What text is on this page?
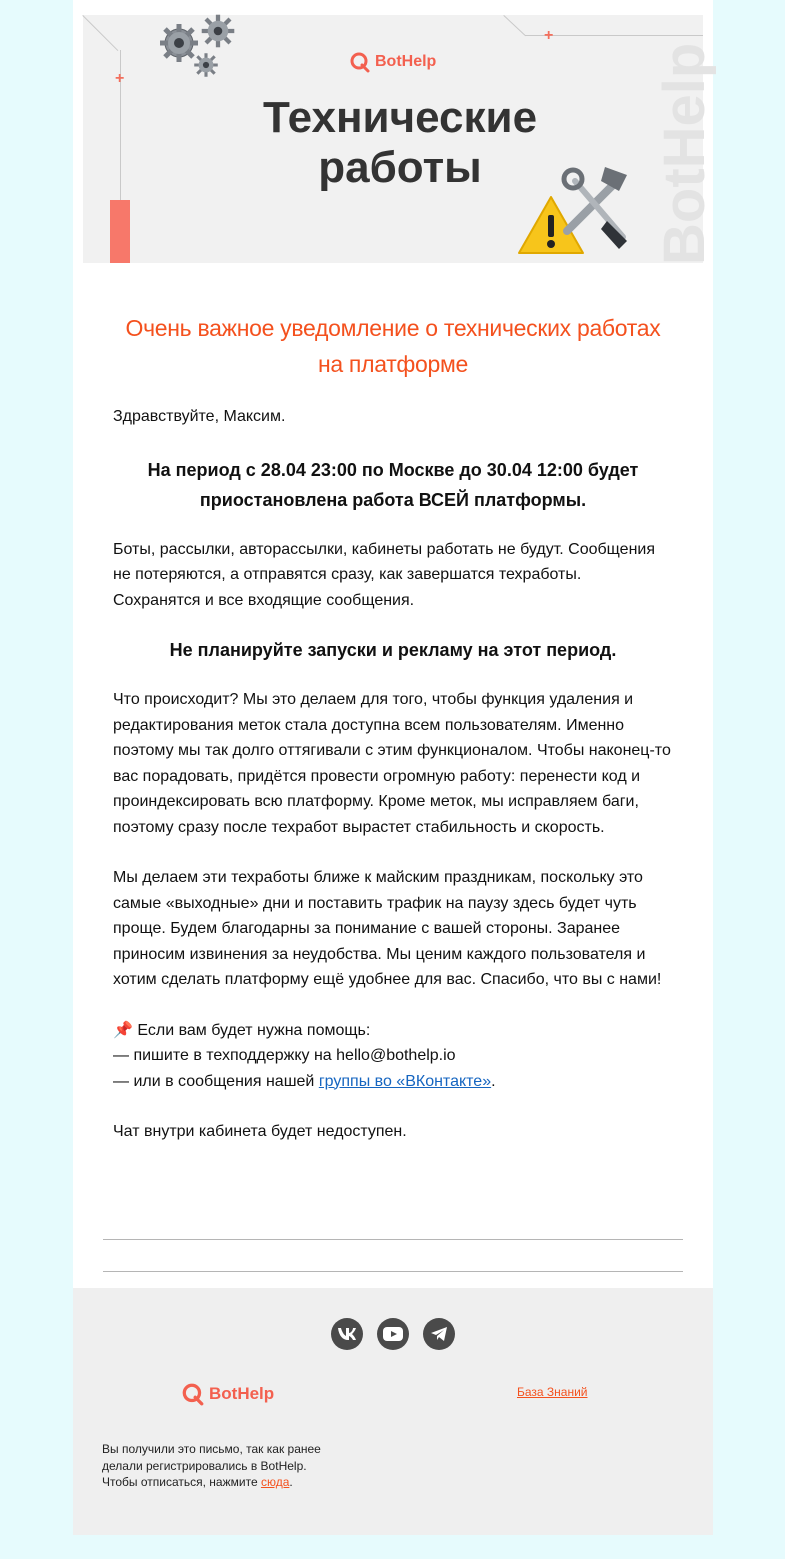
+
+
BotHelp
Технические
работы	BotHelp
Очень важное уведомление о технических работах на платформе

Здравствуйте, Максим.

На период с 28.04 23:00 по Москве до 30.04 12:00 будет приостановлена работа ВСЕЙ платформы.

Боты, рассылки, авторассылки, кабинеты работать не будут. Сообщения не потеряются, а отправятся сразу, как завершатся техработы. Сохранятся и все входящие сообщения.

Не планируйте запуски и рекламу на этот период.

Что происходит? Мы это делаем для того, чтобы функция удаления и редактирования меток стала доступна всем пользователям. Именно поэтому мы так долго оттягивали с этим функционалом. Чтобы наконец-то вас порадовать, придётся провести огромную работу: перенести код и проиндексировать всю платформу. Кроме меток, мы исправляем баги, поэтому сразу после техработ вырастет стабильность и скорость.

Мы делаем эти техработы ближе к майским праздникам, поскольку это самые «выходные» дни и поставить трафик на паузу здесь будет чуть проще. Будем благодарны за понимание с вашей стороны. Заранее приносим извинения за неудобства. Мы ценим каждого пользователя и хотим сделать платформу ещё удобнее для вас. Спасибо, что вы с нами!

📌 Если вам будет нужна помощь:

— пишите в техподдержку на hello@bothelp.io

— или в сообщения нашей группы во «ВКонтакте».

Чат внутри кабинета будет недоступен.

BotHelp	База Знаний
Вы получили это письмо, так как ранее делали регистрировались в BotHelp. Чтобы отписаться, нажмите сюда.
